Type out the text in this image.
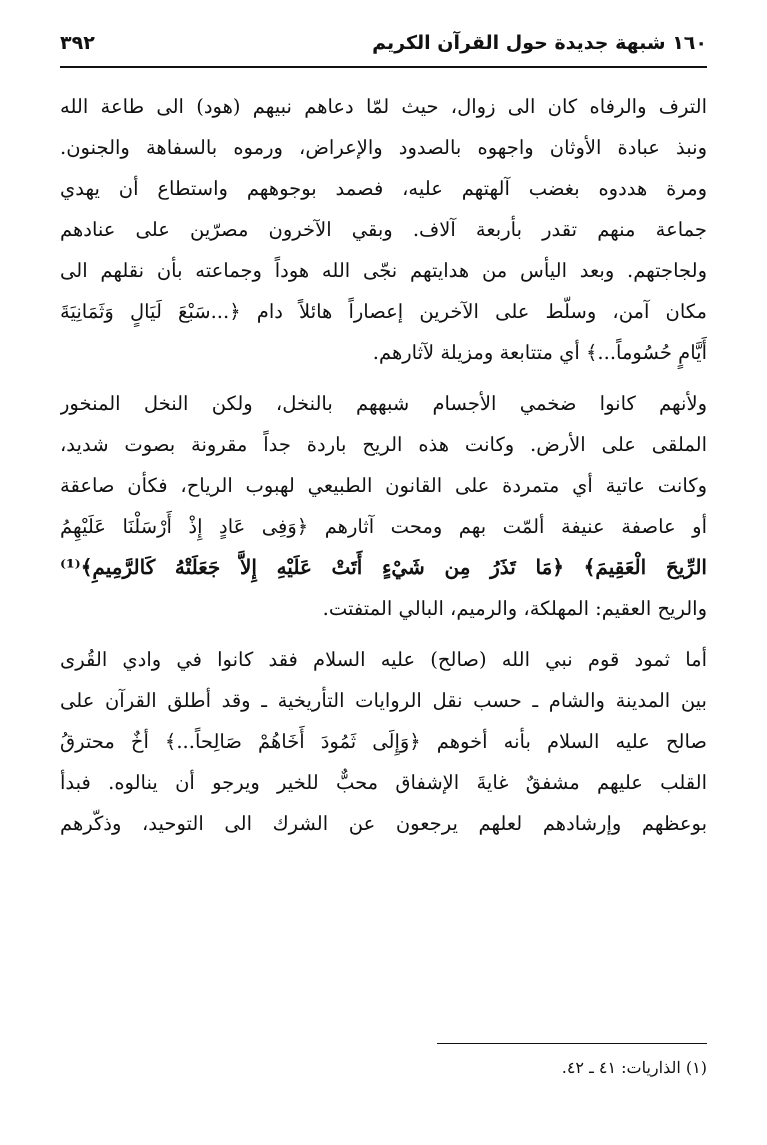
١٦٠ شبهة جديدة حول القرآن الكريم
٣٩٢
الترف والرفاه كان الى زوال، حيث لمّا دعاهم نبيهم (هود) الى طاعة الله
ونبذ عبادة الأوثان واجهوه بالصدود والإعراض، ورموه بالسفاهة والجنون.
ومرة هددوه بغضب آلهتهم عليه، فصمد بوجوههم واستطاع أن يهدي
جماعة منهم تقدر بأربعة آلاف. وبقي الآخرون مصرّين على عنادهم
ولجاجتهم. وبعد اليأس من هدايتهم نجّى الله هوداً وجماعته بأن نقلهم الى
مكان آمن، وسلّط على الآخرين إعصاراً هائلاً دام ﴿...سَبْعَ لَيَالٍ وَثَمَانِيَةَ
أَيَّامٍ حُسُوماً...﴾ أي متتابعة ومزيلة لآثارهم.
ولأنهم كانوا ضخمي الأجسام شبههم بالنخل، ولكن النخل المنخور
الملقى على الأرض. وكانت هذه الريح باردة جداً مقرونة بصوت شديد،
وكانت عاتية أي متمردة على القانون الطبيعي لهبوب الرياح، فكأن صاعقة
أو عاصفة عنيفة ألمّت بهم ومحت آثارهم ﴿وَفِى عَادٍ إِذْ أَرْسَلْنَا عَلَيْهِمُ
الرِّيحَ الْعَقِيمَ﴾ ﴿مَا تَذَرُ مِن شَيْءٍ أَتَتْ عَلَيْهِ إِلاَّ جَعَلَتْهُ كَالرَّمِيمِ﴾⁽¹⁾
والريح العقيم: المهلكة، والرميم، البالي المتفتت.
أما ثمود قوم نبي الله (صالح) عليه السلام فقد كانوا في وادي القُرى
بين المدينة والشام ـ حسب نقل الروايات التأريخية ـ وقد أطلق القرآن على
صالح عليه السلام بأنه أخوهم ﴿وَإِلَى ثَمُودَ أَخَاهُمْ صَالِحاً...﴾ أخٌ محترقُ
القلب عليهم مشفقٌ غايةَ الإشفاق محبٌّ للخير ويرجو أن ينالوه. فبدأ
بوعظهم وإرشادهم لعلهم يرجعون عن الشرك الى التوحيد، وذكّرهم
(١) الذاريات: ٤١ ـ ٤٢.
